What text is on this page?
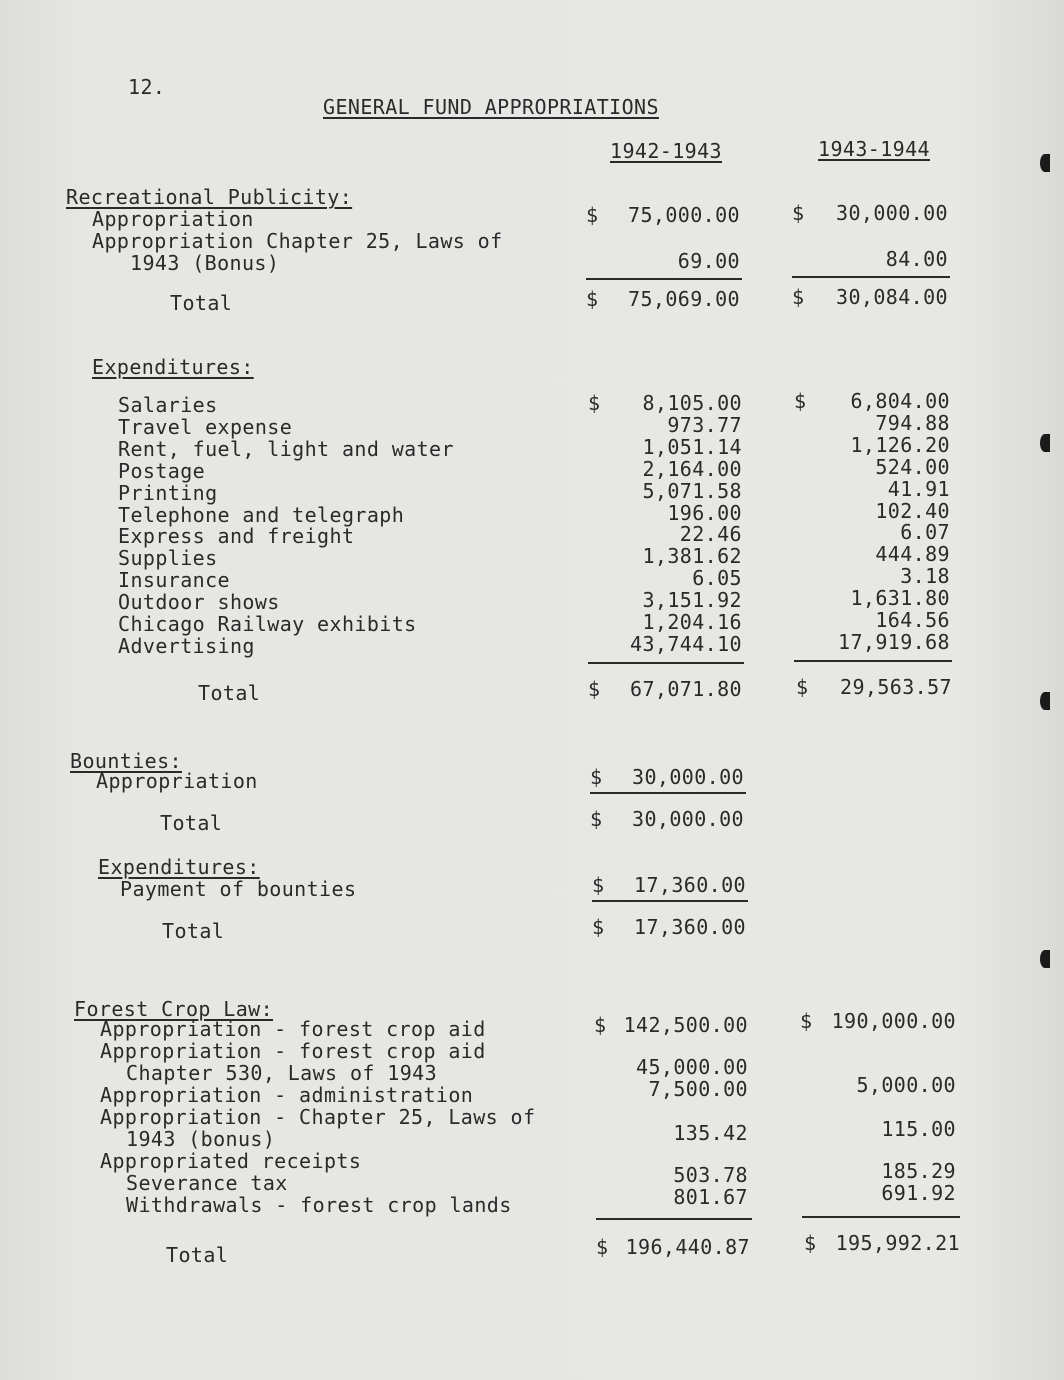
12.
GENERAL FUND APPROPRIATIONS
1942-1943	1943-1944
Recreational Publicity:
Appropriation	$	75,000.00	$	30,000.00
Appropriation Chapter 25, Laws of
1943 (Bonus)	69.00	84.00
Total	$	75,069.00	$	30,084.00
Expenditures:
Salaries	8,105.00	6,804.00
$	$
Travel expense	973.77	794.88
Rent, fuel, light and water	1,051.14	1,126.20
Postage	2,164.00	524.00
Printing	5,071.58	41.91
Telephone and telegraph	196.00	102.40
Express and freight	22.46	6.07
Supplies	1,381.62	444.89
Insurance	6.05	3.18
Outdoor shows	3,151.92	1,631.80
Chicago Railway exhibits	1,204.16	164.56
Advertising	43,744.10	17,919.68
Total	$	67,071.80	$	29,563.57
Bounties:
Appropriation	$	30,000.00
Total	$	30,000.00
Expenditures:
Payment of bounties	$	17,360.00
Total	$	17,360.00
Forest Crop Law:
Appropriation - forest crop aid	$ 142,500.00	$ 190,000.00
Appropriation - forest crop aid
Chapter 530, Laws of 1943	45,000.00
Appropriation - administration	7,500.00	5,000.00
Appropriation - Chapter 25, Laws of
1943 (bonus)	135.42	115.00
Appropriated receipts
Severance tax	503.78	185.29
Withdrawals - forest crop lands	801.67	691.92
Total	$ 196,440.87	$ 195,992.21
